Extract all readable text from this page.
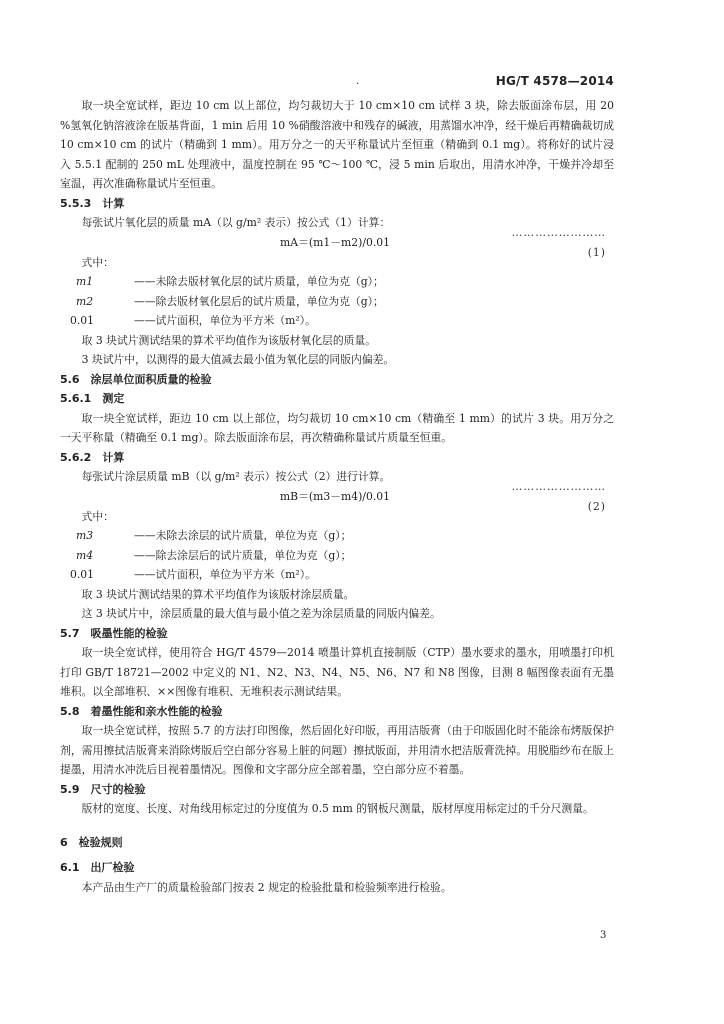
.	HG/T 4578—2014

取一块全宽试样，距边 10 cm 以上部位，均匀裁切大于 10 cm×10 cm 试样 3 块，除去版面涂布层，用 20 %氢氧化钠溶液涂在版基背面，1 min 后用 10 %硝酸溶液中和残存的碱液，用蒸馏水冲净，经干燥后再精确裁切成 10 cm×10 cm 的试片（精确到 1 mm）。用万分之一的天平称量试片至恒重（精确到 0.1 mg）。将称好的试片浸入 5.5.1 配制的 250 mL 处理液中，温度控制在 95 ℃～100 ℃，浸 5 min 后取出，用清水冲净，干燥并冷却至室温，再次准确称量试片至恒重。

5.5.3　计算

每张试片氧化层的质量 mA（以 g/m² 表示）按公式（1）计算：

mA＝(m1－m2)/0.01
…………………… (1)

式中：

m1	——未除去版材氧化层的试片质量，单位为克（g）；
m2	——除去版材氧化层后的试片质量，单位为克（g）；
0.01	——试片面积，单位为平方米（m²）。

取 3 块试片测试结果的算术平均值作为该版材氧化层的质量。

3 块试片中，以测得的最大值减去最小值为氧化层的同版内偏差。

5.6　涂层单位面积质量的检验

5.6.1　测定

取一块全宽试样，距边 10 cm 以上部位，均匀裁切 10 cm×10 cm（精确至 1 mm）的试片 3 块。用万分之一天平称量（精确至 0.1 mg）。除去版面涂布层，再次精确称量试片质量至恒重。

5.6.2　计算

每张试片涂层质量 mB（以 g/m² 表示）按公式（2）进行计算。

mB＝(m3－m4)/0.01
…………………… (2)

式中：

m3	——未除去涂层的试片质量，单位为克（g）；
m4	——除去涂层后的试片质量，单位为克（g）；
0.01	——试片面积，单位为平方米（m²）。

取 3 块试片测试结果的算术平均值作为该版材涂层质量。

这 3 块试片中，涂层质量的最大值与最小值之差为涂层质量的同版内偏差。

5.7　吸墨性能的检验

取一块全宽试样，使用符合 HG/T 4579—2014 喷墨计算机直接制版（CTP）墨水要求的墨水，用喷墨打印机打印 GB/T 18721—2002 中定义的 N1、N2、N3、N4、N5、N6、N7 和 N8 图像，目测 8 幅图像表面有无墨堆积。以全部堆积、××图像有堆积、无堆积表示测试结果。

5.8　着墨性能和亲水性能的检验

取一块全宽试样，按照 5.7 的方法打印图像，然后固化好印版，再用洁版膏（由于印版固化时不能涂布烤版保护剂，需用擦拭洁版膏来消除烤版后空白部分容易上脏的问题）擦拭版面，并用清水把洁版膏洗掉。用脱脂纱布在版上提墨，用清水冲洗后目视着墨情况。图像和文字部分应全部着墨，空白部分应不着墨。

5.9　尺寸的检验

版材的宽度、长度、对角线用标定过的分度值为 0.5 mm 的钢板尺测量，版材厚度用标定过的千分尺测量。

6　检验规则

6.1　出厂检验

本产品由生产厂的质量检验部门按表 2 规定的检验批量和检验频率进行检验。

3
